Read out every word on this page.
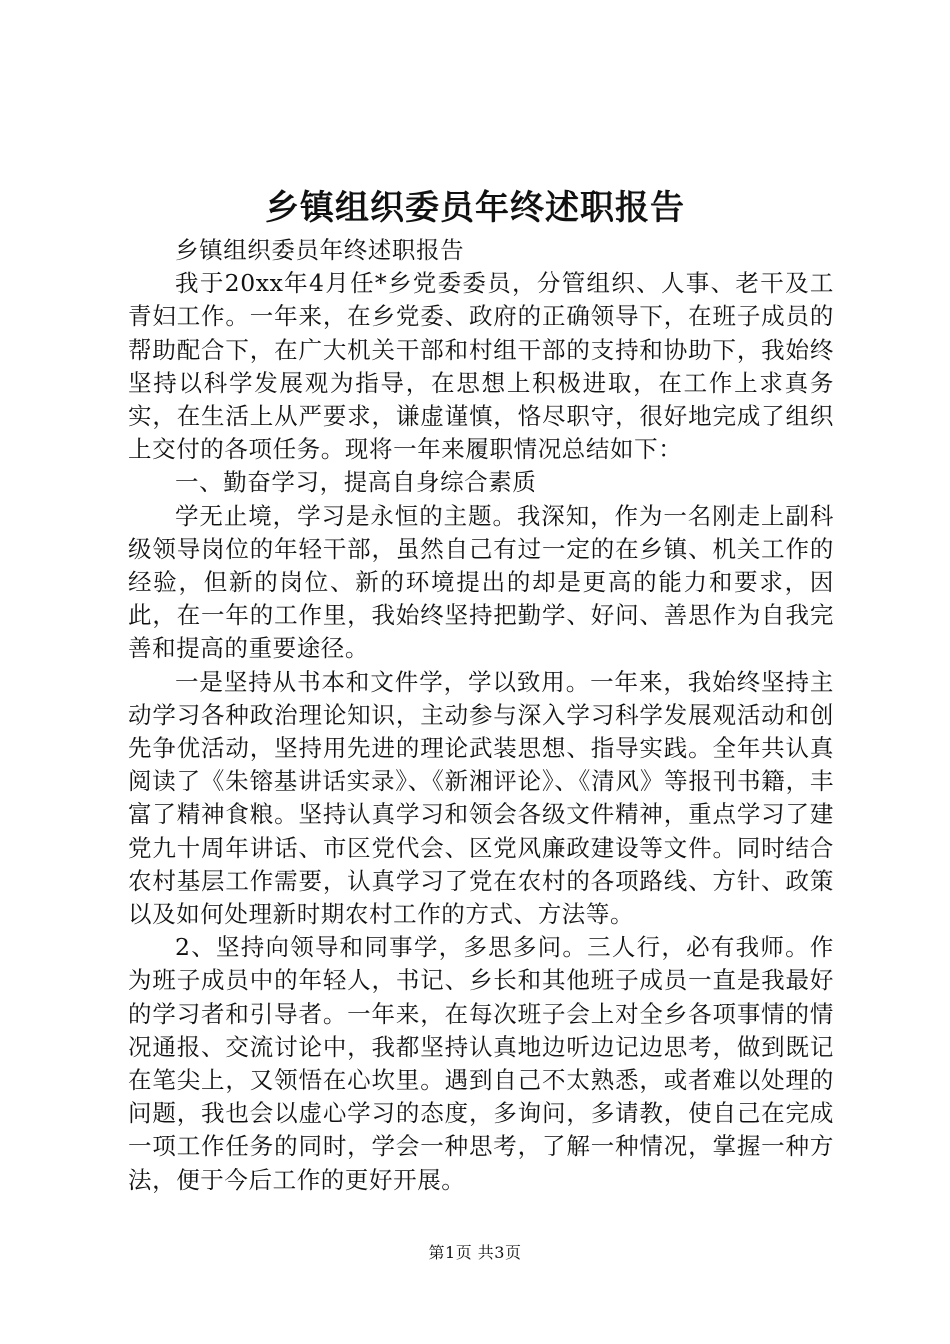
乡镇组织委员年终述职报告

乡镇组织委员年终述职报告

我于20xx年4月任*乡党委委员，分管组织、人事、老干及工青妇工作。一年来，在乡党委、政府的正确领导下，在班子成员的帮助配合下，在广大机关干部和村组干部的支持和协助下，我始终坚持以科学发展观为指导，在思想上积极进取，在工作上求真务实，在生活上从严要求，谦虚谨慎，恪尽职守，很好地完成了组织上交付的各项任务。现将一年来履职情况总结如下：

一、勤奋学习，提高自身综合素质

学无止境，学习是永恒的主题。我深知，作为一名刚走上副科级领导岗位的年轻干部，虽然自己有过一定的在乡镇、机关工作的经验，但新的岗位、新的环境提出的却是更高的能力和要求，因此，在一年的工作里，我始终坚持把勤学、好问、善思作为自我完善和提高的重要途径。

一是坚持从书本和文件学，学以致用。一年来，我始终坚持主动学习各种政治理论知识，主动参与深入学习科学发展观活动和创先争优活动，坚持用先进的理论武装思想、指导实践。全年共认真阅读了《朱镕基讲话实录》、《新湘评论》、《清风》等报刊书籍，丰富了精神食粮。坚持认真学习和领会各级文件精神，重点学习了建党九十周年讲话、市区党代会、区党风廉政建设等文件。同时结合农村基层工作需要，认真学习了党在农村的各项路线、方针、政策以及如何处理新时期农村工作的方式、方法等。

2、坚持向领导和同事学，多思多问。三人行，必有我师。作为班子成员中的年轻人，书记、乡长和其他班子成员一直是我最好的学习者和引导者。一年来，在每次班子会上对全乡各项事情的情况通报、交流讨论中，我都坚持认真地边听边记边思考，做到既记在笔尖上，又领悟在心坎里。遇到自己不太熟悉，或者难以处理的问题，我也会以虚心学习的态度，多询问，多请教，使自己在完成一项工作任务的同时，学会一种思考，了解一种情况，掌握一种方法，便于今后工作的更好开展。

第1页 共3页
